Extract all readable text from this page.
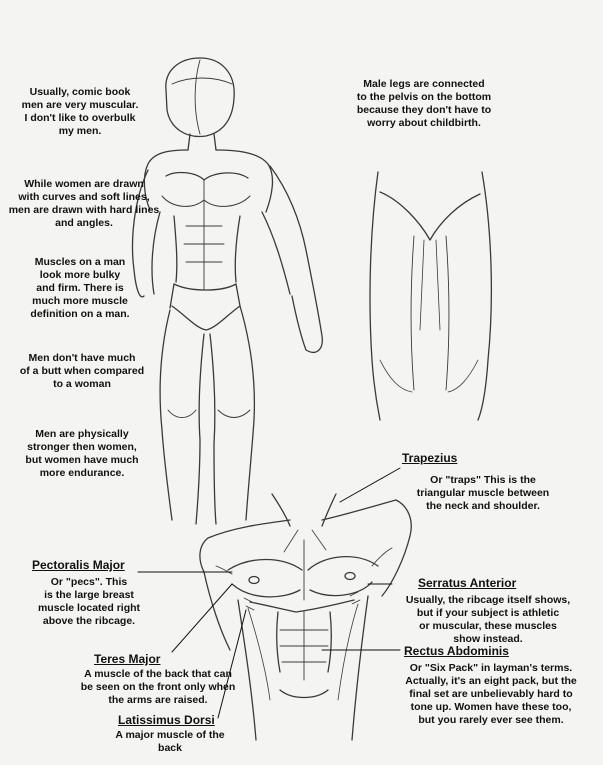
Usually, comic book
men are very muscular.
I don't like to overbulk
my men.
While women are drawn
with curves and soft lines,
men are drawn with hard lines
and angles.
Muscles on a man
look more bulky
and firm. There is
much more muscle
definition on a man.
Men don't have much
of a butt when compared
to a woman
Men are physically
stronger then women,
but women have much
more endurance.
Male legs are connected
to the pelvis on the bottom
because they don't have to
worry about childbirth.
Trapezius
Or "traps" This is the
triangular muscle between
the neck and shoulder.
Pectoralis Major
Or "pecs". This
is the large breast
muscle located right
above the ribcage.
Serratus Anterior
Usually, the ribcage itself shows,
but if your subject is athletic
or muscular, these muscles
show instead.
Rectus Abdominis
Or "Six Pack" in layman's terms.
Actually, it's an eight pack, but the
final set are unbelievably hard to
tone up. Women have these too,
but you rarely ever see them.
Teres Major
A muscle of the back that can
be seen on the front only when
the arms are raised.
Latissimus Dorsi
A major muscle of the
back
